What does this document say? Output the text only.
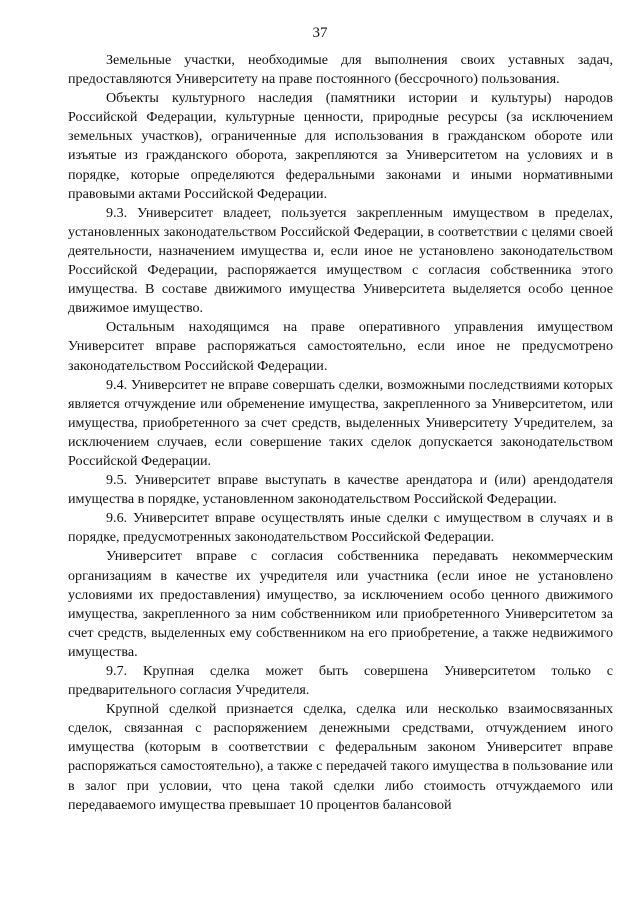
37

Земельные участки, необходимые для выполнения своих уставных задач, предоставляются Университету на праве постоянного (бессрочного) пользования.

Объекты культурного наследия (памятники истории и культуры) народов Российской Федерации, культурные ценности, природные ресурсы (за исключением земельных участков), ограниченные для использования в гражданском обороте или изъятые из гражданского оборота, закрепляются за Университетом на условиях и в порядке, которые определяются федеральными законами и иными нормативными правовыми актами Российской Федерации.

9.3. Университет владеет, пользуется закрепленным имуществом в пределах, установленных законодательством Российской Федерации, в соответствии с целями своей деятельности, назначением имущества и, если иное не установлено законодательством Российской Федерации, распоряжается имуществом с согласия собственника этого имущества. В составе движимого имущества Университета выделяется особо ценное движимое имущество.

Остальным находящимся на праве оперативного управления имуществом Университет вправе распоряжаться самостоятельно, если иное не предусмотрено законодательством Российской Федерации.

9.4. Университет не вправе совершать сделки, возможными последствиями которых является отчуждение или обременение имущества, закрепленного за Университетом, или имущества, приобретенного за счет средств, выделенных Университету Учредителем, за исключением случаев, если совершение таких сделок допускается законодательством Российской Федерации.

9.5. Университет вправе выступать в качестве арендатора и (или) арендодателя имущества в порядке, установленном законодательством Российской Федерации.

9.6. Университет вправе осуществлять иные сделки с имуществом в случаях и в порядке, предусмотренных законодательством Российской Федерации.

Университет вправе с согласия собственника передавать некоммерческим организациям в качестве их учредителя или участника (если иное не установлено условиями их предоставления) имущество, за исключением особо ценного движимого имущества, закрепленного за ним собственником или приобретенного Университетом за счет средств, выделенных ему собственником на его приобретение, а также недвижимого имущества.

9.7. Крупная сделка может быть совершена Университетом только с предварительного согласия Учредителя.

Крупной сделкой признается сделка, сделка или несколько взаимосвязанных сделок, связанная с распоряжением денежными средствами, отчуждением иного имущества (которым в соответствии с федеральным законом Университет вправе распоряжаться самостоятельно), а также с передачей такого имущества в пользование или в залог при условии, что цена такой сделки либо стоимость отчуждаемого или передаваемого имущества превышает 10 процентов балансовой
